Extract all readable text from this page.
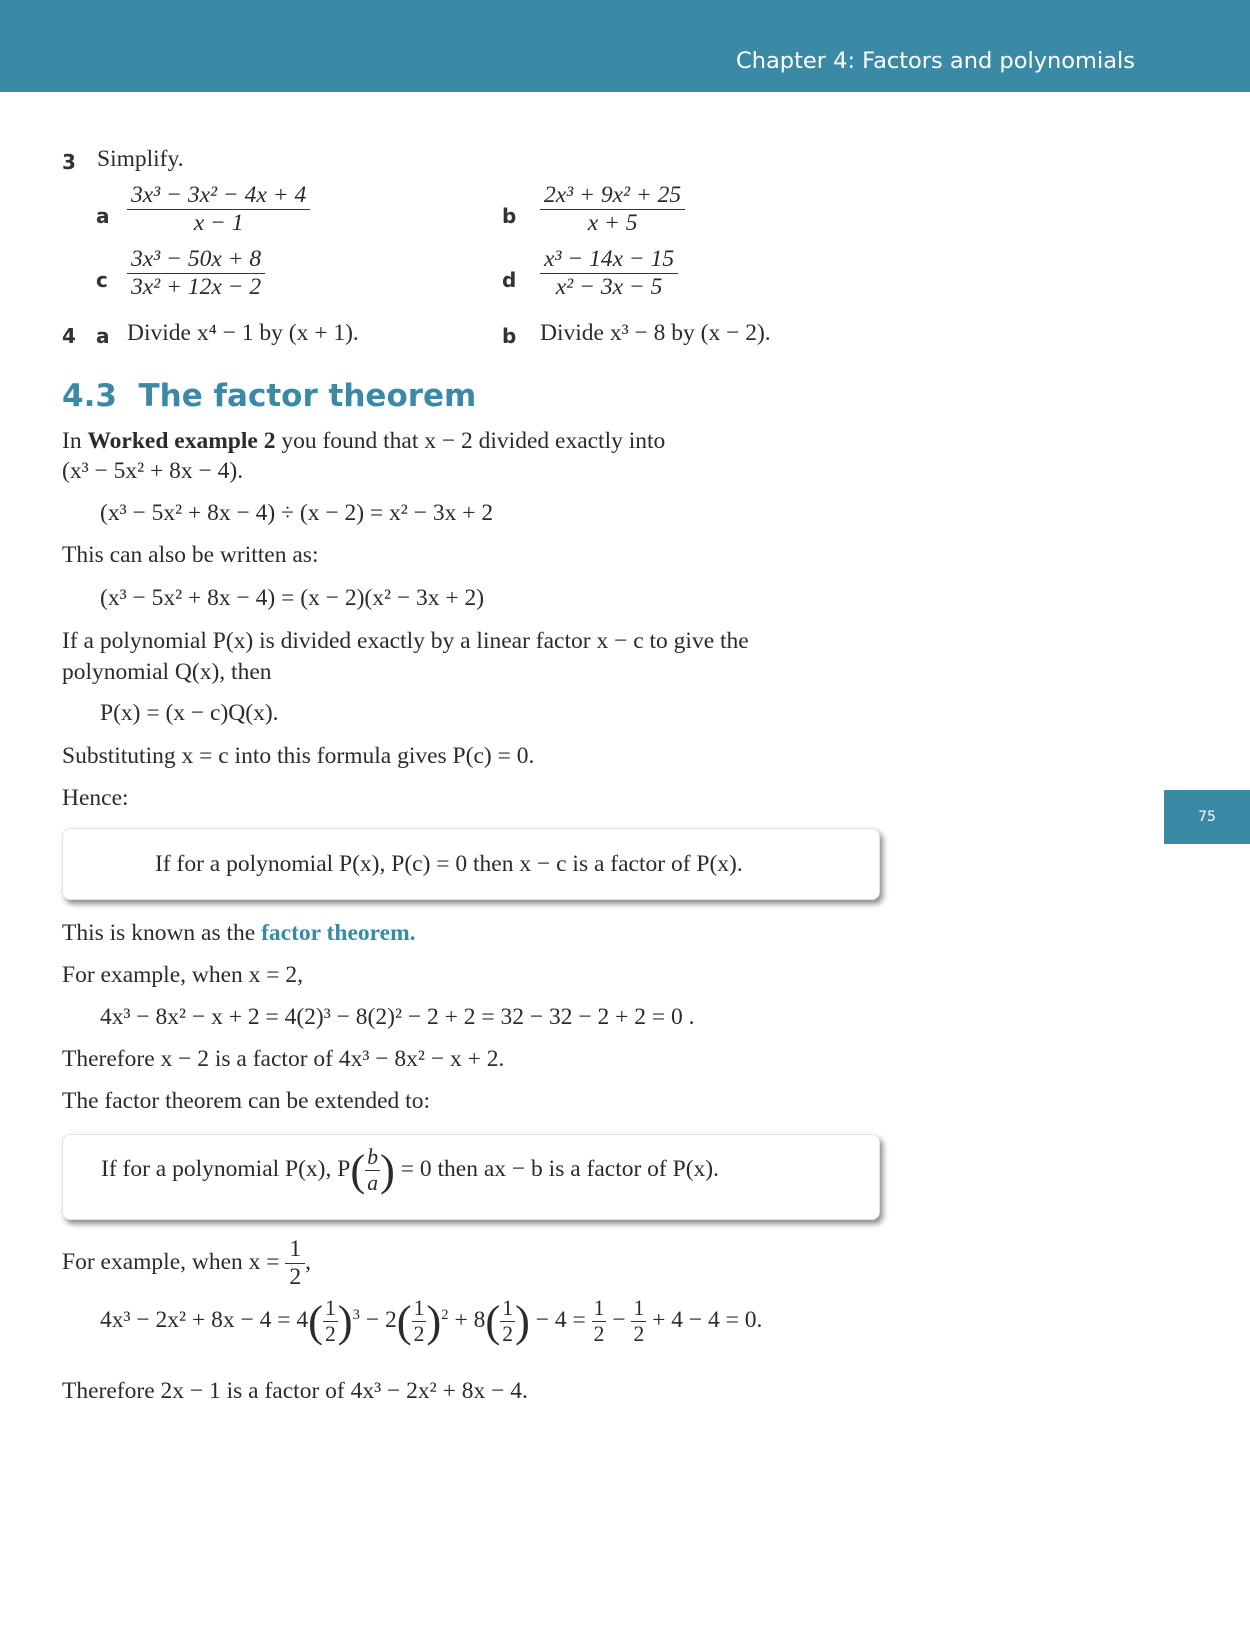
Chapter 4: Factors and polynomials
75
3 Simplify.
a $\frac{\text{3x³ − 3x² − 4x + 4}}{x - 1}$	b $\frac{\text{2x³ + 9x² + 25}}{x + 5}$
c $\frac{\text{3x³ − 50x + 8}}{\text{3x² + 12x − 2}}$	d $\frac{\text{x³ − 14x − 15}}{\text{x² − 3x − 5}}$
4 a Divide x⁴ − 1 by (x + 1).	b Divide x³ − 8 by (x − 2).
4.3 The factor theorem
In Worked example 2 you found that x − 2 divided exactly into
(x³ − 5x² + 8x − 4).
(x³ − 5x² + 8x − 4) ÷ (x − 2) = x² − 3x + 2
This can also be written as:
(x³ − 5x² + 8x − 4) = (x − 2)(x² − 3x + 2)
If a polynomial P(x) is divided exactly by a linear factor x − c to give the
polynomial Q(x), then
P(x) = (x − c)Q(x).
Substituting x = c into this formula gives P(c) = 0.
Hence:
If for a polynomial P(x), P(c) = 0 then x − c is a factor of P(x).
This is known as the factor theorem.
For example, when x = 2,
4x³ − 8x² − x + 2 = 4(2)³ − 8(2)² − 2 + 2 = 32 − 32 − 2 + 2 = 0 .
Therefore x − 2 is a factor of 4x³ − 8x² − x + 2.
The factor theorem can be extended to:
If for a polynomial P(x), $P( \frac{b}{a}$ ) = 0 then ax − b is a factor of P(x).
For example, when $x = \frac{1}{2}$ ,
$4x^3 - 2x^2 + 8x - 4 = 4( \frac{1}{2} )^3 - 2( \frac{1}{2} )^2 + 8( \frac{1}{2}$ ) − $4 = \frac{1}{2} - \frac{1}{2} + 4 - 4 = 0$.
Therefore 2x − 1 is a factor of 4x³ − 2x² + 8x − 4.
